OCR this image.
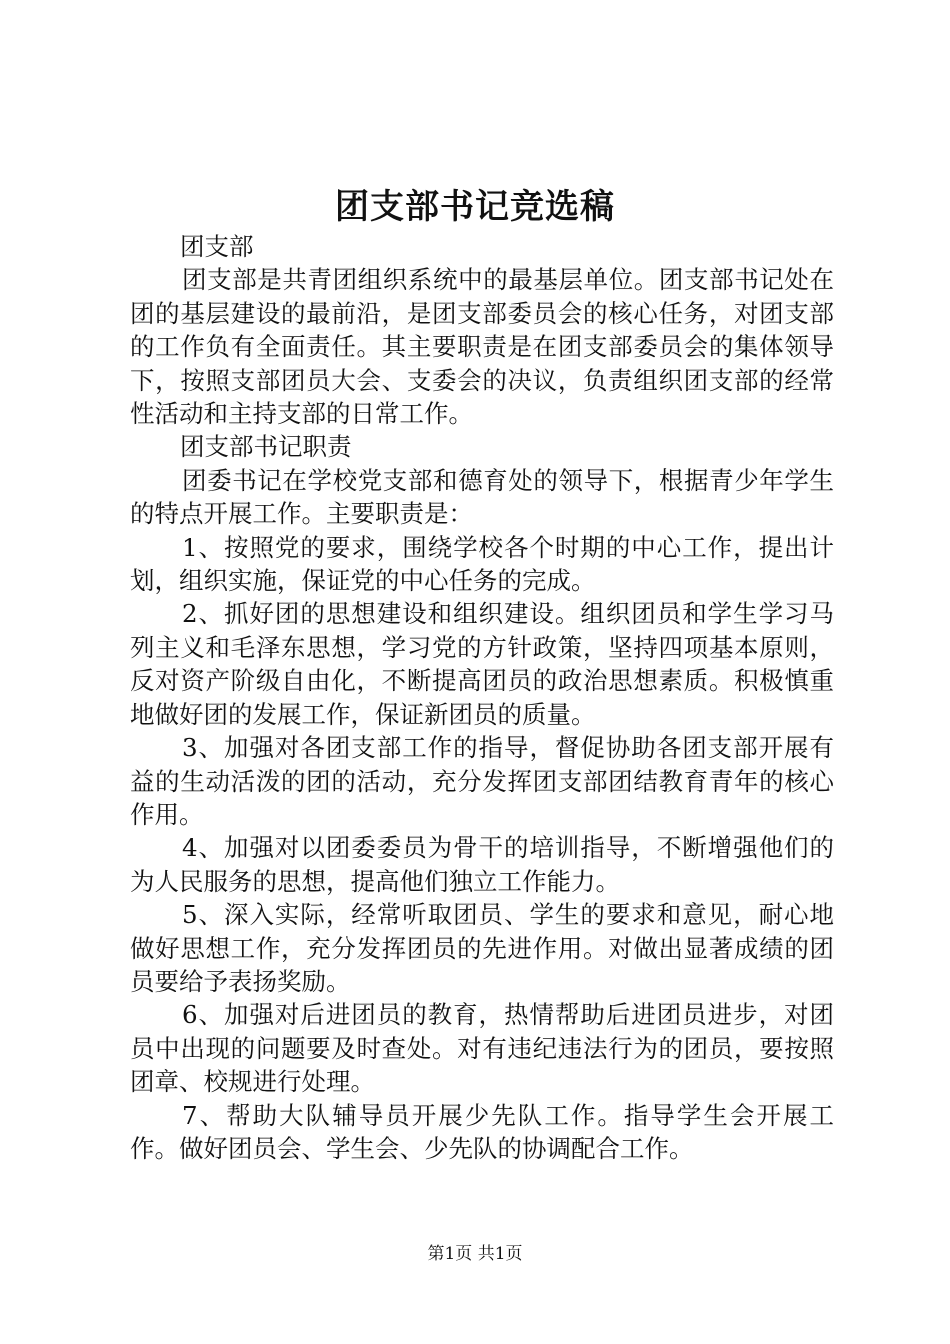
团支部书记竞选稿

团支部

团支部是共青团组织系统中的最基层单位。团支部书记处在团的基层建设的最前沿，是团支部委员会的核心任务，对团支部的工作负有全面责任。其主要职责是在团支部委员会的集体领导下，按照支部团员大会、支委会的决议，负责组织团支部的经常性活动和主持支部的日常工作。

团支部书记职责

团委书记在学校党支部和德育处的领导下，根据青少年学生的特点开展工作。主要职责是：

1、按照党的要求，围绕学校各个时期的中心工作，提出计划，组织实施，保证党的中心任务的完成。

2、抓好团的思想建设和组织建设。组织团员和学生学习马列主义和毛泽东思想，学习党的方针政策，坚持四项基本原则，反对资产阶级自由化，不断提高团员的政治思想素质。积极慎重地做好团的发展工作，保证新团员的质量。

3、加强对各团支部工作的指导，督促协助各团支部开展有益的生动活泼的团的活动，充分发挥团支部团结教育青年的核心作用。

4、加强对以团委委员为骨干的培训指导，不断增强他们的为人民服务的思想，提高他们独立工作能力。

5、深入实际，经常听取团员、学生的要求和意见，耐心地做好思想工作，充分发挥团员的先进作用。对做出显著成绩的团员要给予表扬奖励。

6、加强对后进团员的教育，热情帮助后进团员进步，对团员中出现的问题要及时查处。对有违纪违法行为的团员，要按照团章、校规进行处理。

7、帮助大队辅导员开展少先队工作。指导学生会开展工作。做好团员会、学生会、少先队的协调配合工作。

第1页 共1页
